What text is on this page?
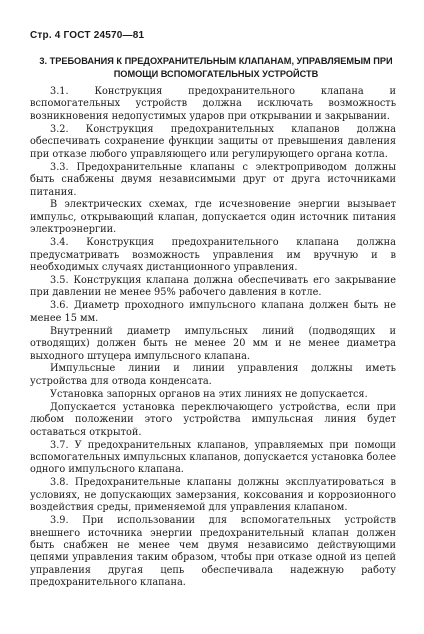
Стр. 4 ГОСТ 24570—81
3. ТРЕБОВАНИЯ К ПРЕДОХРАНИТЕЛЬНЫМ КЛАПАНАМ, УПРАВЛЯЕМЫМ ПРИ ПОМОЩИ ВСПОМОГАТЕЛЬНЫХ УСТРОЙСТВ

3.1. Конструкция предохранительного клапана и вспомогательных устройств должна исключать возможность возникновения недопустимых ударов при открывании и закрывании.

3.2. Конструкция предохранительных клапанов должна обеспечивать сохранение функции защиты от превышения давления при отказе любого управляющего или регулирующего органа котла.

3.3. Предохранительные клапаны с электроприводом должны быть снабжены двумя независимыми друг от друга источниками питания.

В электрических схемах, где исчезновение энергии вызывает импульс, открывающий клапан, допускается один источник питания электроэнергии.

3.4. Конструкция предохранительного клапана должна предусматривать возможность управления им вручную и в необходимых случаях дистанционного управления.

3.5. Конструкция клапана должна обеспечивать его закрывание при давлении не менее 95% рабочего давления в котле.

3.6. Диаметр проходного импульсного клапана должен быть не менее 15 мм.

Внутренний диаметр импульсных линий (подводящих и отводящих) должен быть не менее 20 мм и не менее диаметра выходного штуцера импульсного клапана.

Импульсные линии и линии управления должны иметь устройства для отвода конденсата.

Установка запорных органов на этих линиях не допускается.

Допускается установка переключающего устройства, если при любом положении этого устройства импульсная линия будет оставаться открытой.

3.7. У предохранительных клапанов, управляемых при помощи вспомогательных импульсных клапанов, допускается установка более одного импульсного клапана.

3.8. Предохранительные клапаны должны эксплуатироваться в условиях, не допускающих замерзания, коксования и коррозионного воздействия среды, применяемой для управления клапаном.

3.9. При использовании для вспомогательных устройств внешнего источника энергии предохранительный клапан должен быть снабжен не менее чем двумя независимо действующими цепями управления таким образом, чтобы при отказе одной из цепей управления другая цепь обеспечивала надежную работу предохранительного клапана.
